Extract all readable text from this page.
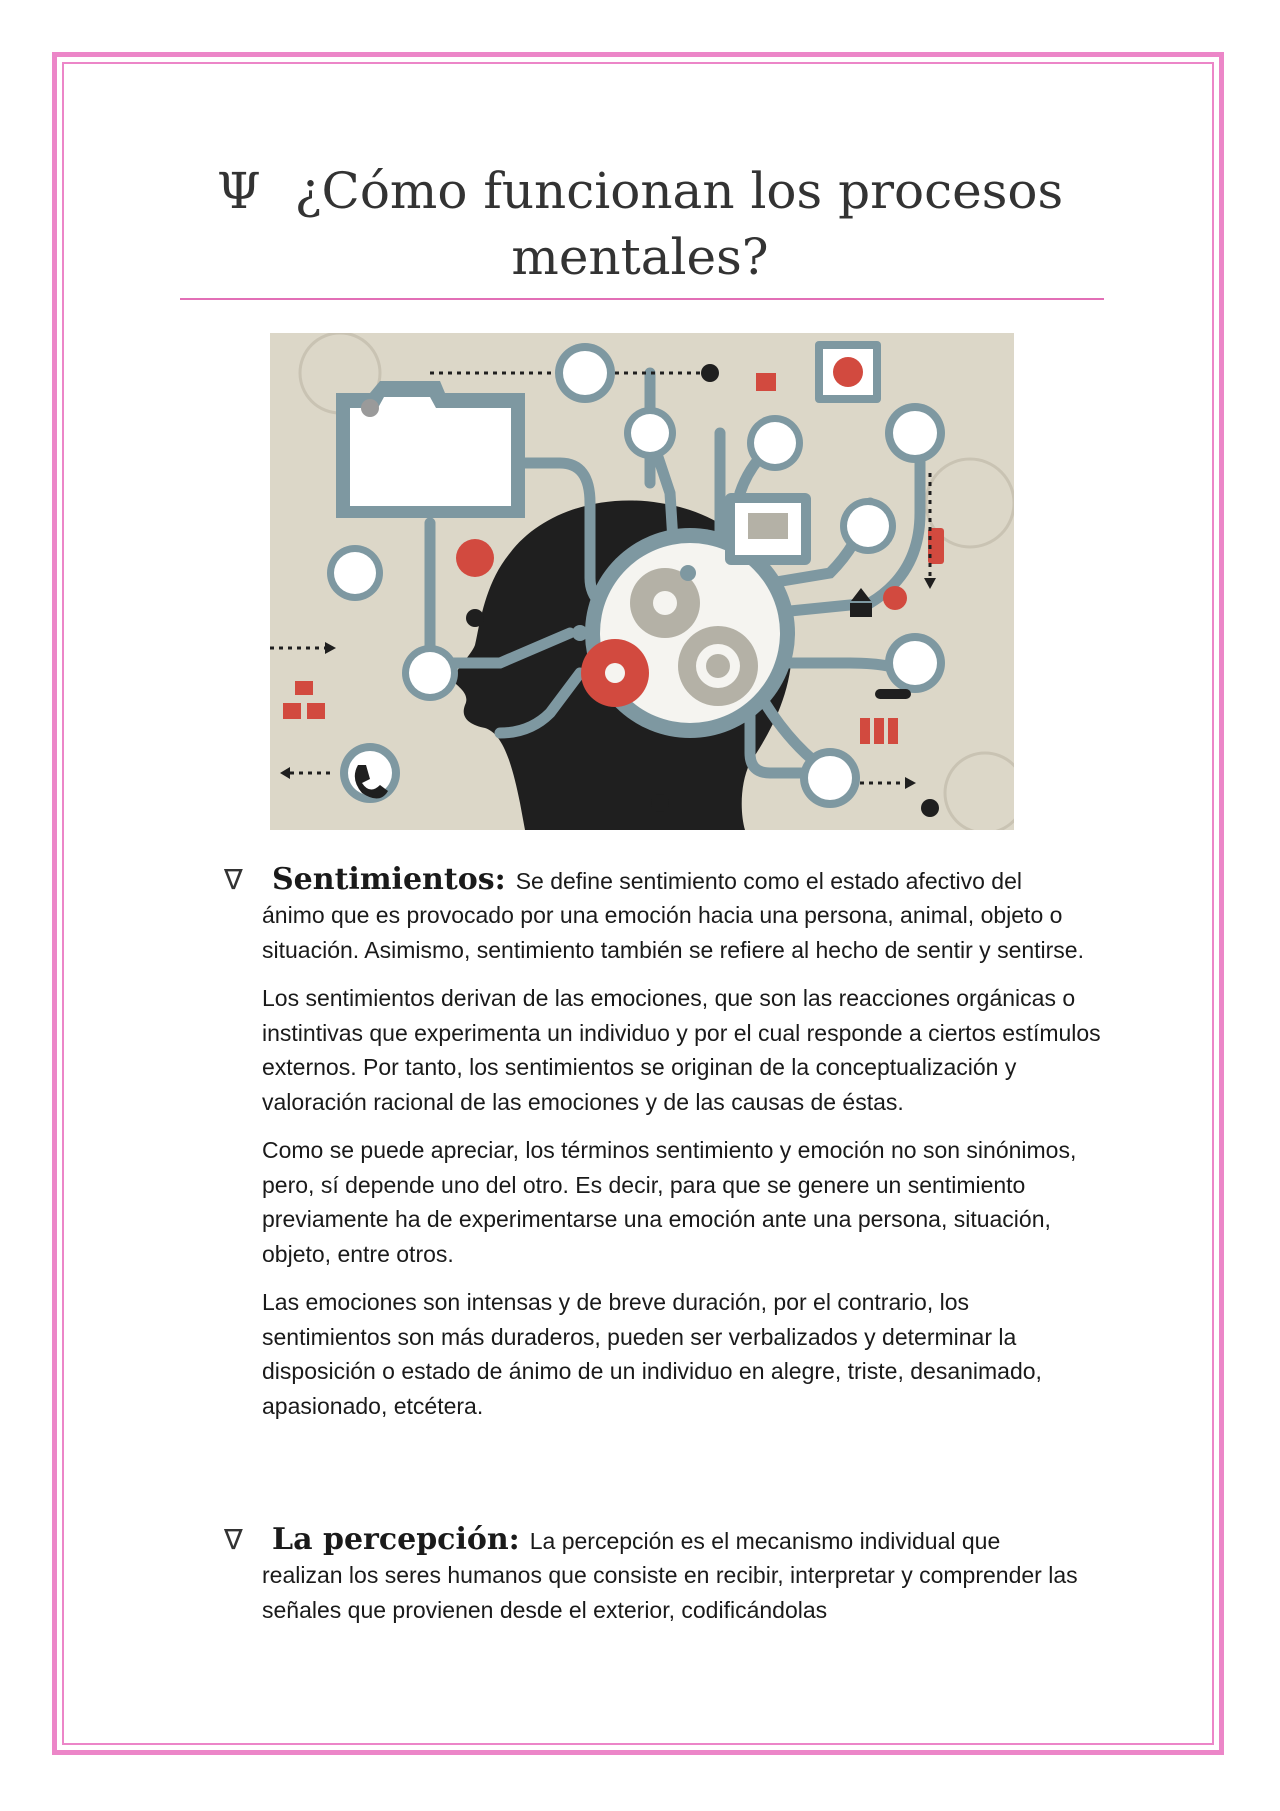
Ψ ¿Cómo funcionan los procesos mentales?
∇ Sentimientos: Se define sentimiento como el estado afectivo del
ánimo que es provocado por una emoción hacia una persona, animal, objeto o situación. Asimismo, sentimiento también se refiere al hecho de sentir y sentirse.
Los sentimientos derivan de las emociones, que son las reacciones orgánicas o instintivas que experimenta un individuo y por el cual responde a ciertos estímulos externos. Por tanto, los sentimientos se originan de la conceptualización y valoración racional de las emociones y de las causas de éstas.
Como se puede apreciar, los términos sentimiento y emoción no son sinónimos, pero, sí depende uno del otro. Es decir, para que se genere un sentimiento previamente ha de experimentarse una emoción ante una persona, situación, objeto, entre otros.
Las emociones son intensas y de breve duración, por el contrario, los sentimientos son más duraderos, pueden ser verbalizados y determinar la disposición o estado de ánimo de un individuo en alegre, triste, desanimado, apasionado, etcétera.
∇ La percepción: La percepción es el mecanismo individual que
realizan los seres humanos que consiste en recibir, interpretar y comprender las señales que provienen desde el exterior, codificándolas
